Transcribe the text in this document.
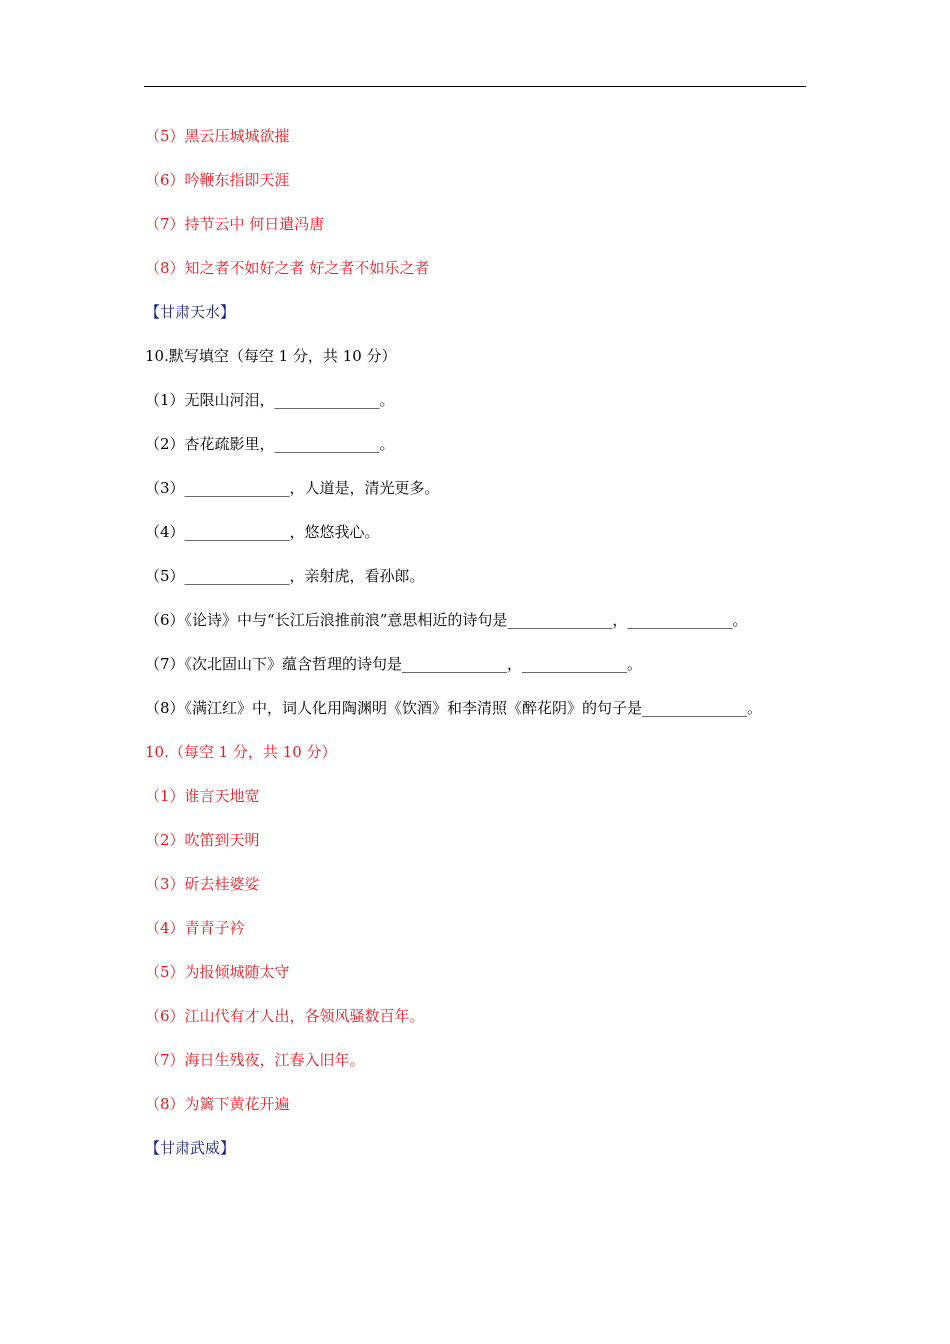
（5）黑云压城城欲摧
（6）吟鞭东指即天涯
（7）持节云中 何日遣冯唐
（8）知之者不如好之者 好之者不如乐之者
【甘肃天水】
10.默写填空（每空 1 分，共 10 分）
（1）无限山河泪，______________。
（2）杏花疏影里，______________。
（3）______________，人道是，清光更多。
（4）______________，悠悠我心。
（5）______________，亲射虎，看孙郎。
（6）《论诗》中与“长江后浪推前浪”意思相近的诗句是______________，______________。
（7）《次北固山下》蕴含哲理的诗句是______________，______________。
（8）《满江红》中，词人化用陶渊明《饮酒》和李清照《醉花阴》的句子是______________。
10.（每空 1 分，共 10 分）
（1）谁言天地宽
（2）吹笛到天明
（3）斫去桂婆娑
（4）青青子衿
（5）为报倾城随太守
（6）江山代有才人出，各领风骚数百年。
（7）海日生残夜，江春入旧年。
（8）为篱下黄花开遍
【甘肃武威】
